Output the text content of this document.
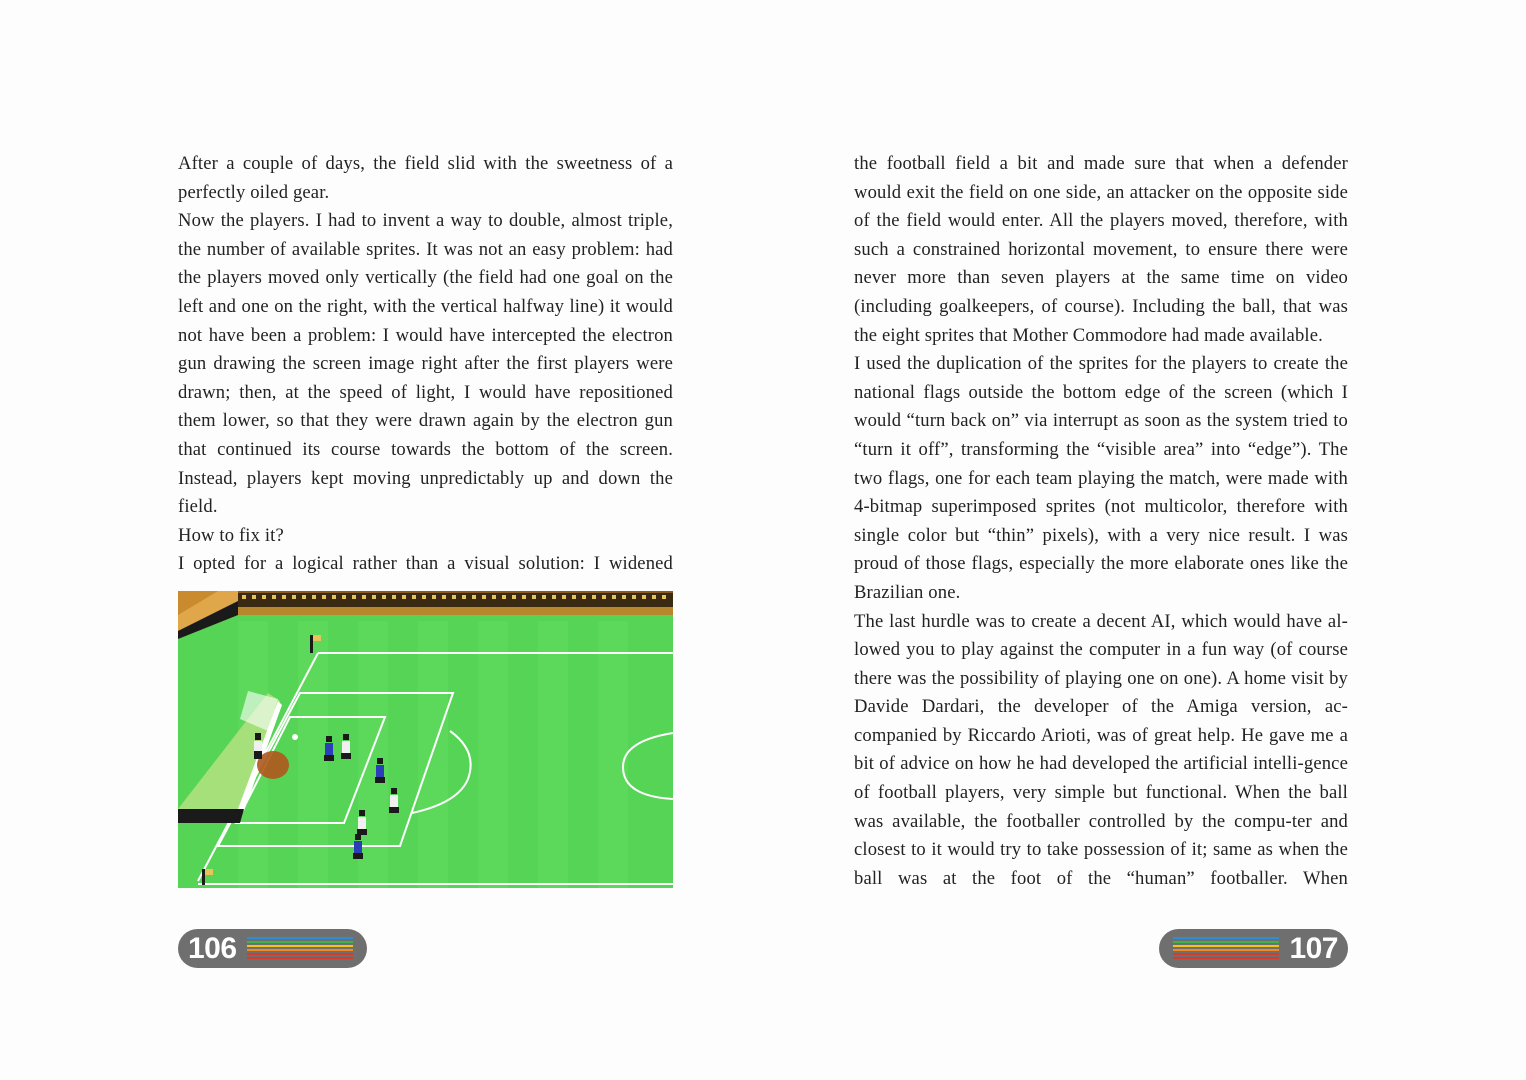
After a couple of days, the field slid with the sweetness of a perfectly oiled gear.

Now the players. I had to invent a way to double, almost triple, the number of available sprites. It was not an easy problem: had the players moved only vertically (the field had one goal on the left and one on the right, with the vertical halfway line) it would not have been a problem: I would have intercepted the electron gun drawing the screen image right after the first players were drawn; then, at the speed of light, I would have repositioned them lower, so that they were drawn again by the electron gun that continued its course towards the bottom of the screen. Instead, players kept moving unpredictably up and down the field.

How to fix it?

I opted for a logical rather than a visual solution: I widened

106

the football field a bit and made sure that when a defender would exit the field on one side, an attacker on the opposite side of the field would enter. All the players moved, therefore, with such a constrained horizontal movement, to ensure there were never more than seven players at the same time on video (including goalkeepers, of course). Including the ball, that was the eight sprites that Mother Commodore had made available.

I used the duplication of the sprites for the players to create the national flags outside the bottom edge of the screen (which I would “turn back on” via interrupt as soon as the system tried to “turn it off”, transforming the “visible area” into “edge”). The two flags, one for each team playing the match, were made with 4-bitmap superimposed sprites (not multicolor, therefore with single color but “thin” pixels), with a very nice result. I was proud of those flags, especially the more elaborate ones like the Brazilian one.

The last hurdle was to create a decent AI, which would have al-lowed you to play against the computer in a fun way (of course there was the possibility of playing one on one). A home visit by Davide Dardari, the developer of the Amiga version, ac-companied by Riccardo Arioti, was of great help. He gave me a bit of advice on how he had developed the artificial intelli-gence of football players, very simple but functional. When the ball was available, the footballer controlled by the compu-ter and closest to it would try to take possession of it; same as when the ball was at the foot of the “human” footballer. When

107
